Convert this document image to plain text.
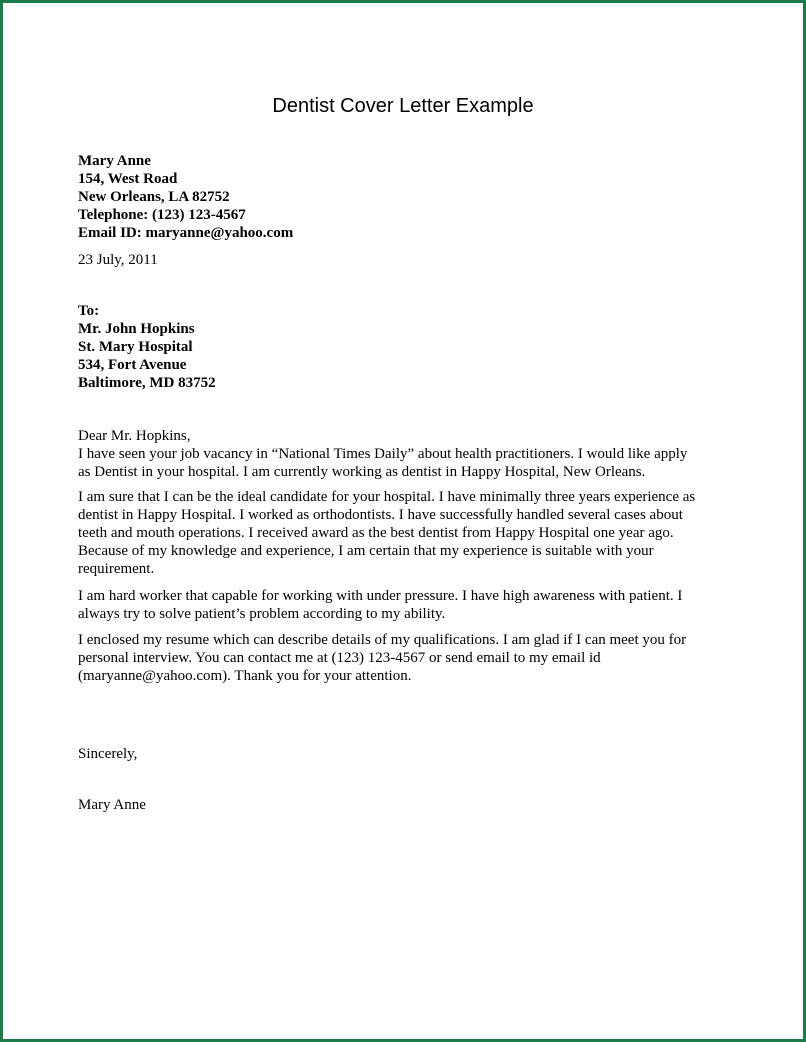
Dentist Cover Letter Example
Mary Anne
154, West Road
New Orleans, LA 82752
Telephone: (123) 123-4567
Email ID: maryanne@yahoo.com
23 July, 2011
To:
Mr. John Hopkins
St. Mary Hospital
534, Fort Avenue
Baltimore, MD 83752
Dear Mr. Hopkins,
I have seen your job vacancy in “National Times Daily” about health practitioners. I would like apply
as Dentist in your hospital. I am currently working as dentist in Happy Hospital, New Orleans.
I am sure that I can be the ideal candidate for your hospital. I have minimally three years experience as
dentist in Happy Hospital. I worked as orthodontists. I have successfully handled several cases about
teeth and mouth operations. I received award as the best dentist from Happy Hospital one year ago.
Because of my knowledge and experience, I am certain that my experience is suitable with your
requirement.
I am hard worker that capable for working with under pressure. I have high awareness with patient. I
always try to solve patient’s problem according to my ability.
I enclosed my resume which can describe details of my qualifications. I am glad if I can meet you for
personal interview. You can contact me at (123) 123-4567 or send email to my email id
(maryanne@yahoo.com). Thank you for your attention.
Sincerely,
Mary Anne
